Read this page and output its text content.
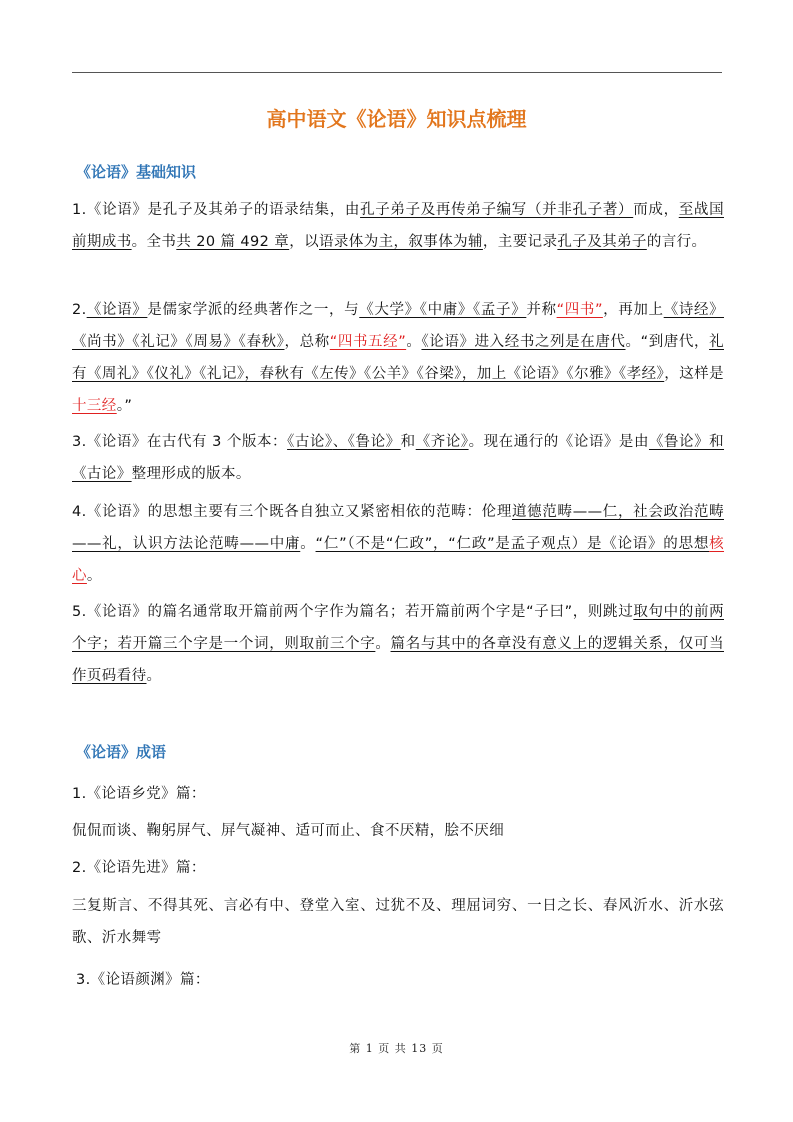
高中语文《论语》知识点梳理
《论语》基础知识

1.《论语》是孔子及其弟子的语录结集，由孔子弟子及再传弟子编写（并非孔子著）而成，至战国前期成书。全书共 20 篇 492 章，以语录体为主，叙事体为辅，主要记录孔子及其弟子的言行。

2.《论语》是儒家学派的经典著作之一，与《大学》《中庸》《孟子》并称“四书”，再加上《诗经》《尚书》《礼记》《周易》《春秋》，总称“四书五经”。《论语》进入经书之列是在唐代。“到唐代，礼有《周礼》《仪礼》《礼记》，春秋有《左传》《公羊》《谷梁》，加上《论语》《尔雅》《孝经》，这样是十三经。”

3.《论语》在古代有 3 个版本：《古论》、《鲁论》和《齐论》。现在通行的《论语》是由《鲁论》和《古论》整理形成的版本。

4.《论语》的思想主要有三个既各自独立又紧密相依的范畴：伦理道德范畴——仁，社会政治范畴——礼，认识方法论范畴——中庸。“仁”（不是“仁政”，“仁政”是孟子观点）是《论语》的思想核心。

5.《论语》的篇名通常取开篇前两个字作为篇名；若开篇前两个字是“子曰”，则跳过取句中的前两个字；若开篇三个字是一个词，则取前三个字。篇名与其中的各章没有意义上的逻辑关系，仅可当作页码看待。

《论语》成语

1.《论语乡党》篇：

侃侃而谈、鞠躬屏气、屏气凝神、适可而止、食不厌精，脍不厌细

2.《论语先进》篇：

三复斯言、不得其死、言必有中、登堂入室、过犹不及、理屈词穷、一日之长、春风沂水、沂水弦歌、沂水舞雩

3.《论语颜渊》篇：

第 1 页 共 13 页
